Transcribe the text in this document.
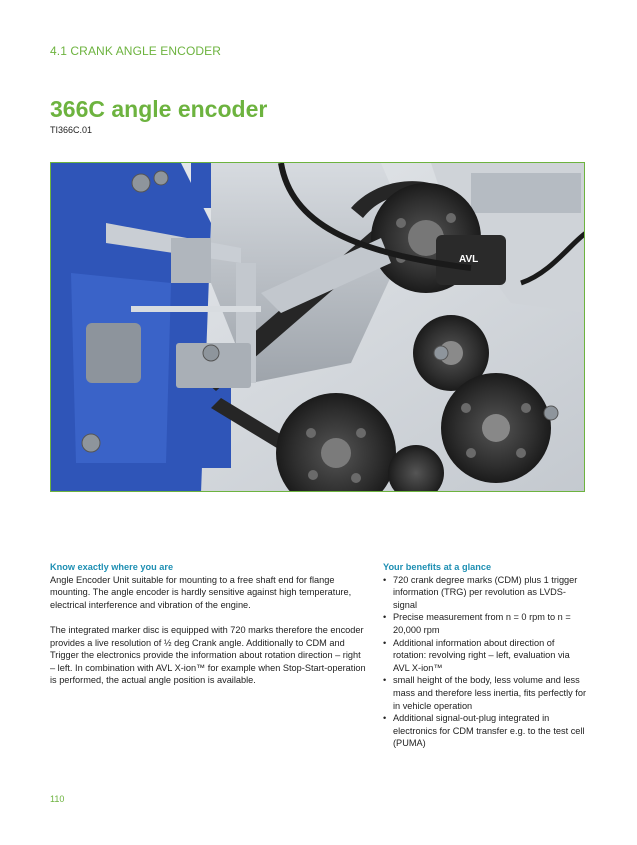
4.1 CRANK ANGLE ENCODER
366C angle encoder
TI366C.01
AVL
Know exactly where you are

Angle Encoder Unit suitable for mounting to a free shaft end for flange mounting. The angle encoder is hardly sensitive against high temperature, electrical interference and vibration of the engine.

The integrated marker disc is equipped with 720 marks therefore the encoder provides a live resolution of ½ deg Crank angle. Additionally to CDM and Trigger the electronics provide the information about rotation direction – right – left. In combination with AVL X-ion™ for example when Stop-Start-operation is performed, the actual angle position is available.

Your benefits at a glance
• 720 crank degree marks (CDM) plus 1 trigger information (TRG) per revolution as LVDS-signal
• Precise measurement from n = 0 rpm to n = 20,000 rpm
• Additional information about direction of rotation: revolving right – left, evaluation via AVL X-ion™
• small height of the body, less volume and less mass and therefore less inertia, fits perfectly for in vehicle operation
• Additional signal-out-plug integrated in electronics for CDM transfer e.g. to the test cell (PUMA)
110
